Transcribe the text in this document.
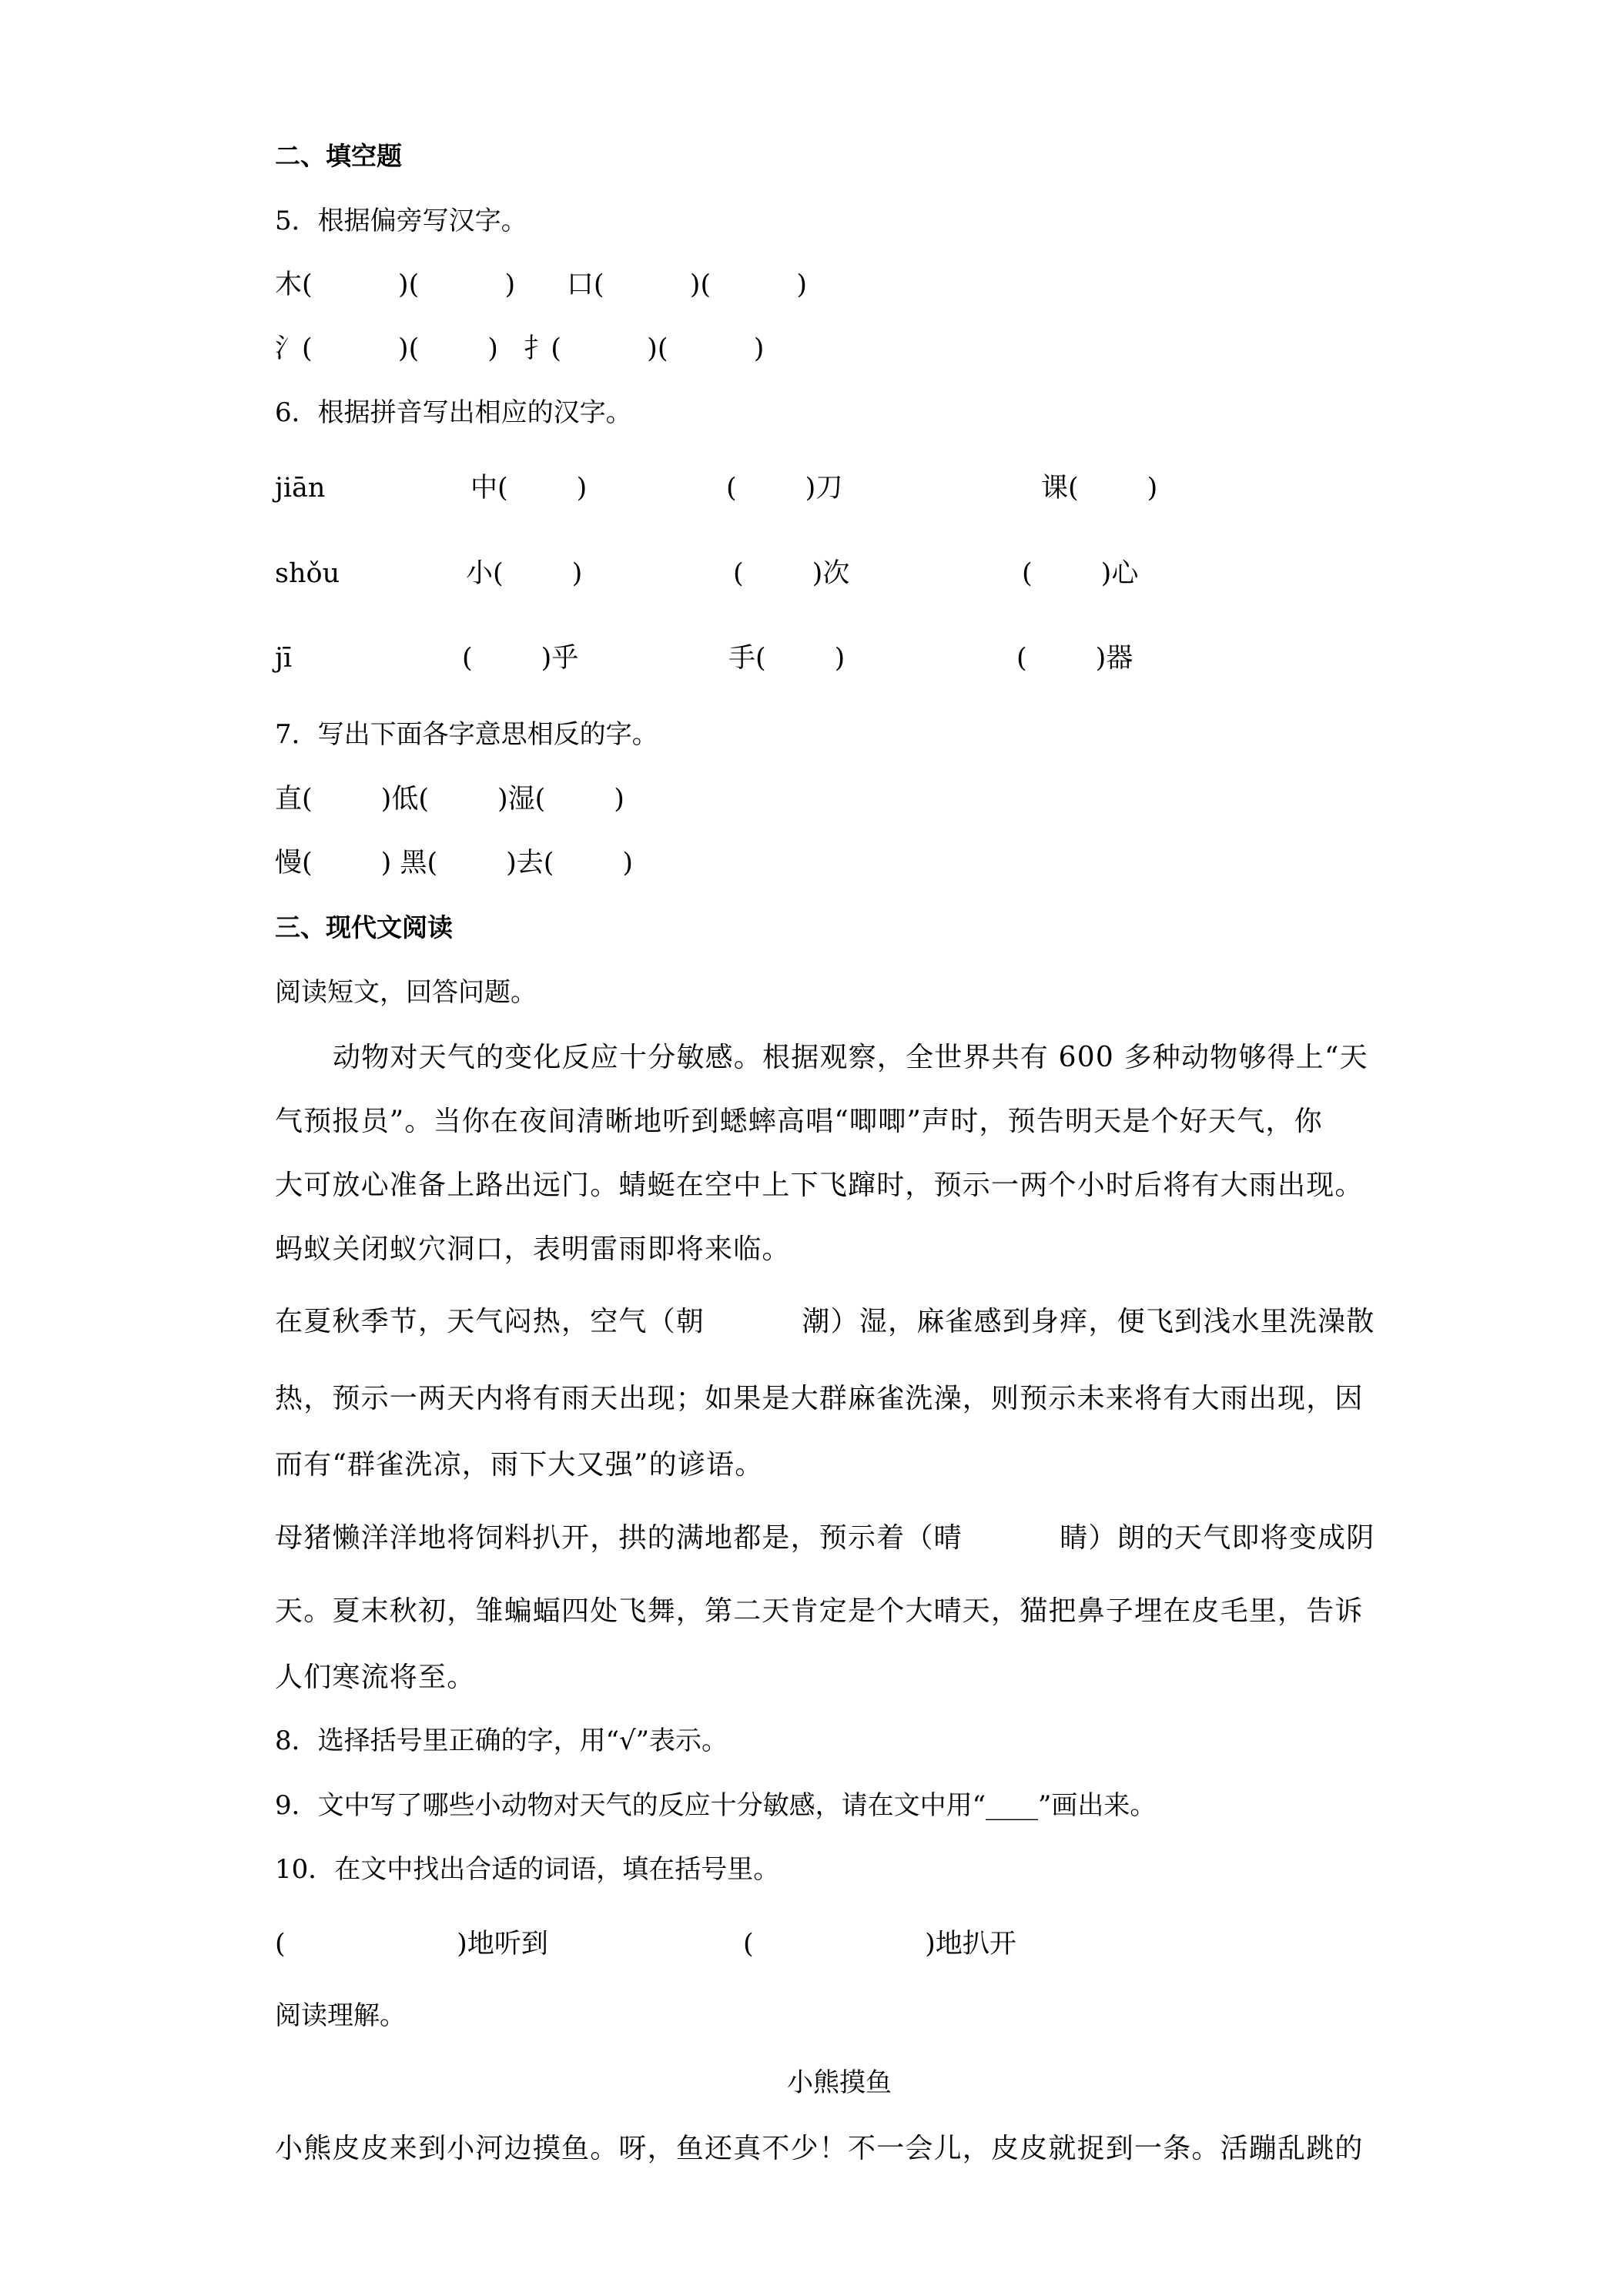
二、填空题
5．根据偏旁写汉字。
木(          )(          )      口(          )(          )
氵(          )(        )   扌(          )(          )
6．根据拼音写出相应的汉字。
jiān	中(        )	(        )刀	课(        )
shǒu	小(        )	(        )次	(        )心
jī	(        )乎	手(        )	(        )器
7．写出下面各字意思相反的字。
直(        )低(        )湿(        )
慢(        ) 黑(        )去(        )
三、现代文阅读
阅读短文，回答问题。
动物对天气的变化反应十分敏感。根据观察，全世界共有 600 多种动物够得上“天
气预报员”。当你在夜间清晰地听到蟋蟀高唱“唧唧”声时，预告明天是个好天气，你
大可放心准备上路出远门。蜻蜓在空中上下飞蹿时，预示一两个小时后将有大雨出现。
蚂蚁关闭蚁穴洞口，表明雷雨即将来临。
在夏秋季节，天气闷热，空气（朝          潮）湿，麻雀感到身痒，便飞到浅水里洗澡散
热，预示一两天内将有雨天出现；如果是大群麻雀洗澡，则预示未来将有大雨出现，因
而有“群雀洗凉，雨下大又强”的谚语。
母猪懒洋洋地将饲料扒开，拱的满地都是，预示着（晴          睛）朗的天气即将变成阴
天。夏末秋初，雏蝙蝠四处飞舞，第二天肯定是个大晴天，猫把鼻子埋在皮毛里，告诉
人们寒流将至。
8．选择括号里正确的字，用“√”表示。
9．文中写了哪些小动物对天气的反应十分敏感，请在文中用“____”画出来。
10．在文中找出合适的词语，填在括号里。
(                    )地听到	(                    )地扒开
阅读理解。
小熊摸鱼
小熊皮皮来到小河边摸鱼。呀，鱼还真不少！不一会儿，皮皮就捉到一条。活蹦乱跳的
